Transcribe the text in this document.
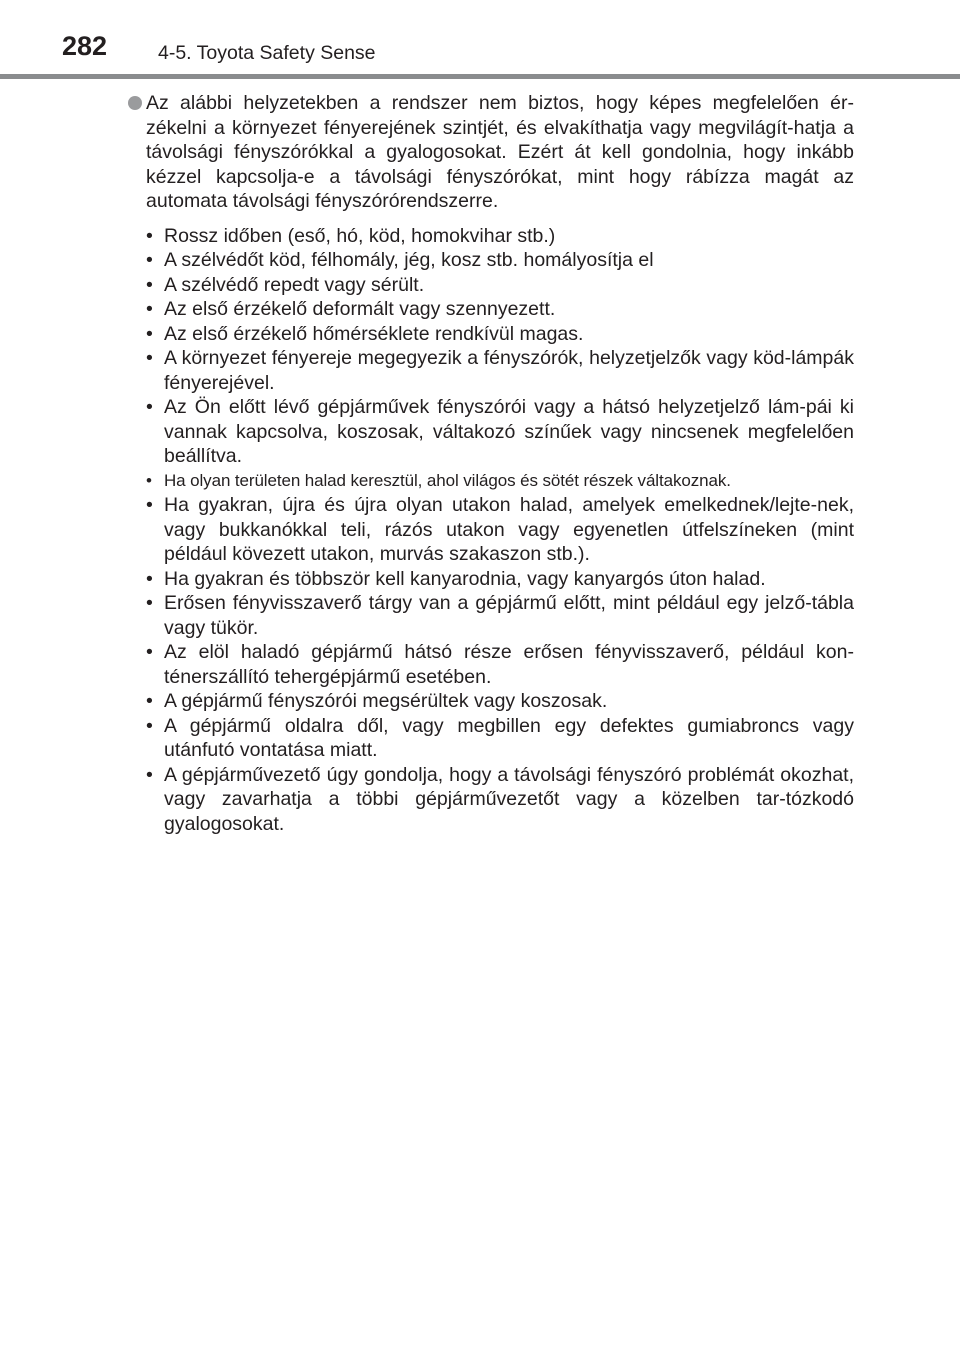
282	4-5. Toyota Safety Sense
Az alábbi helyzetekben a rendszer nem biztos, hogy képes megfelelően ér-zékelni a környezet fényerejének szintjét, és elvakíthatja vagy megvilágít-hatja a távolsági fényszórókkal a gyalogosokat. Ezért át kell gondolnia, hogy inkább kézzel kapcsolja-e a távolsági fényszórókat, mint hogy rábízza magát az automata távolsági fényszórórendszerre.
• Rossz időben (eső, hó, köd, homokvihar stb.)
• A szélvédőt köd, félhomály, jég, kosz stb. homályosítja el
• A szélvédő repedt vagy sérült.
• Az első érzékelő deformált vagy szennyezett.
• Az első érzékelő hőmérséklete rendkívül magas.
• A környezet fényereje megegyezik a fényszórók, helyzetjelzők vagy köd-lámpák fényerejével.
• Az Ön előtt lévő gépjárművek fényszórói vagy a hátsó helyzetjelző lám-pái ki vannak kapcsolva, koszosak, váltakozó színűek vagy nincsenek megfelelően beállítva.
• Ha olyan területen halad keresztül, ahol világos és sötét részek váltakoznak.
• Ha gyakran, újra és újra olyan utakon halad, amelyek emelkednek/lejte-nek, vagy bukkanókkal teli, rázós utakon vagy egyenetlen útfelszíneken (mint például kövezett utakon, murvás szakaszon stb.).
• Ha gyakran és többször kell kanyarodnia, vagy kanyargós úton halad.
• Erősen fényvisszaverő tárgy van a gépjármű előtt, mint például egy jelző-tábla vagy tükör.
• Az elöl haladó gépjármű hátsó része erősen fényvisszaverő, például kon-ténerszállító tehergépjármű esetében.
• A gépjármű fényszórói megsérültek vagy koszosak.
• A gépjármű oldalra dől, vagy megbillen egy defektes gumiabroncs vagy utánfutó vontatása miatt.
• A gépjárművezető úgy gondolja, hogy a távolsági fényszóró problémát okozhat, vagy zavarhatja a többi gépjárművezetőt vagy a közelben tar-tózkodó gyalogosokat.
